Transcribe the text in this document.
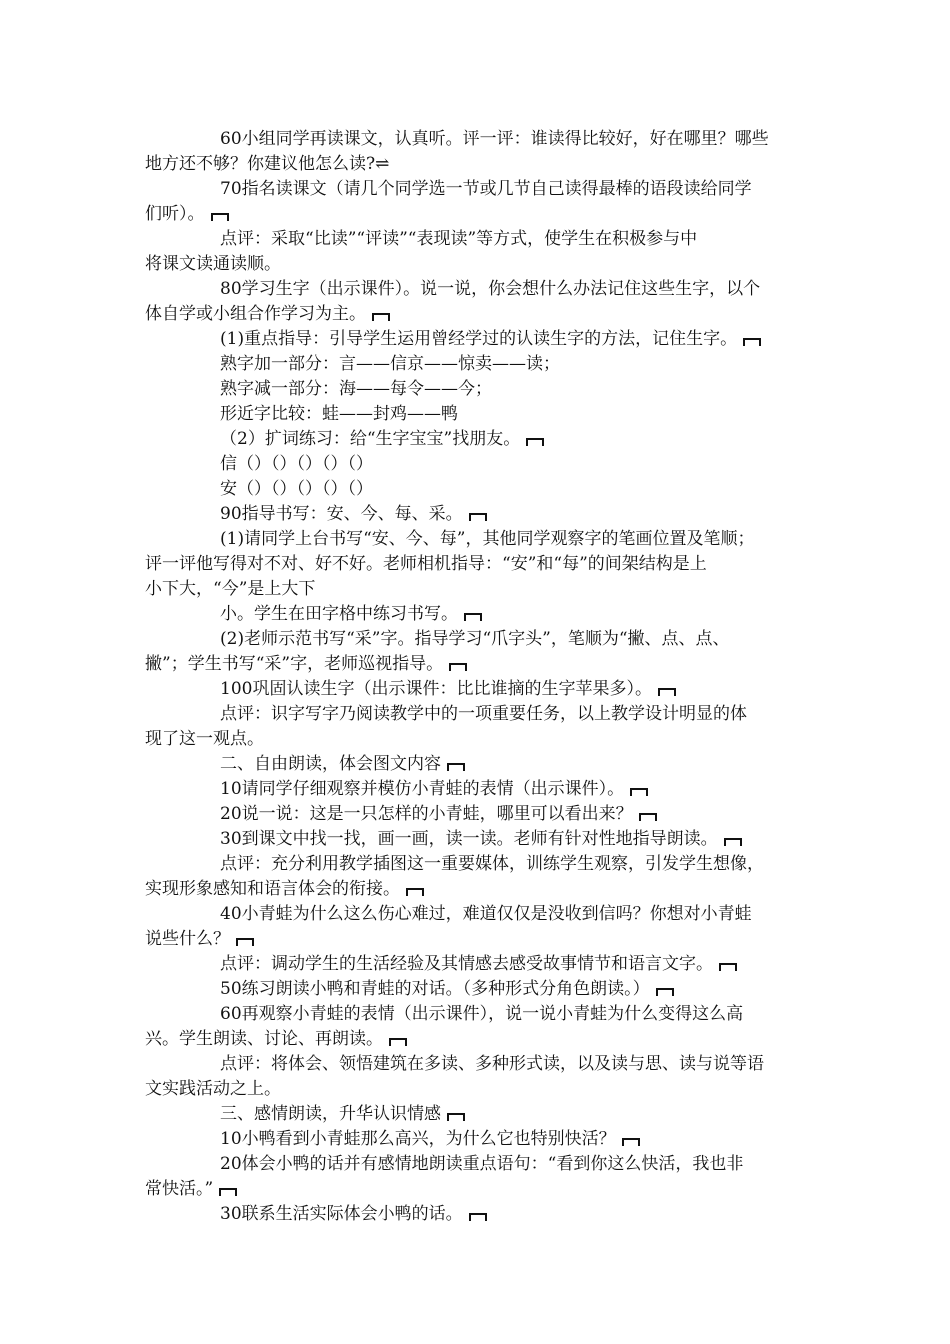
60小组同学再读课文，认真听。评一评：谁读得比较好，好在哪里？哪些
地方还不够？你建议他怎么读?⇌
70指名读课文（请几个同学选一节或几节自己读得最棒的语段读给同学
们听）。
点评：采取“比读”“评读”“表现读”等方式，使学生在积极参与中
将课文读通读顺。
80学习生字（出示课件）。说一说，你会想什么办法记住这些生字，以个
体自学或小组合作学习为主。
(1)重点指导：引导学生运用曾经学过的认读生字的方法，记住生字。
熟字加一部分：言——信京——惊卖——读；
熟字减一部分：海——每令——今；
形近字比较：蛙——封鸡——鸭
（2）扩词练习：给“生字宝宝”找朋友。
信（）（）（）（）（）
安（）（）（）（）（）
90指导书写：安、今、每、采。
(1)请同学上台书写“安、今、每”，其他同学观察字的笔画位置及笔顺；
评一评他写得对不对、好不好。老师相机指导：“安”和“每”的间架结构是上
小下大，“今”是上大下
小。学生在田字格中练习书写。
(2)老师示范书写“采”字。指导学习“爪字头”，笔顺为“撇、点、点、
撇”；学生书写“采”字，老师巡视指导。
100巩固认读生字（出示课件：比比谁摘的生字苹果多）。
点评：识字写字乃阅读教学中的一项重要任务，以上教学设计明显的体
现了这一观点。
二、自由朗读，体会图文内容
10请同学仔细观察并模仿小青蛙的表情（出示课件）。
20说一说：这是一只怎样的小青蛙，哪里可以看出来？
30到课文中找一找，画一画，读一读。老师有针对性地指导朗读。
点评：充分利用教学插图这一重要媒体，训练学生观察，引发学生想像，
实现形象感知和语言体会的衔接。
40小青蛙为什么这么伤心难过，难道仅仅是没收到信吗？你想对小青蛙
说些什么？
点评：调动学生的生活经验及其情感去感受故事情节和语言文字。
50练习朗读小鸭和青蛙的对话。（多种形式分角色朗读。）
60再观察小青蛙的表情（出示课件），说一说小青蛙为什么变得这么高
兴。学生朗读、讨论、再朗读。
点评：将体会、领悟建筑在多读、多种形式读，以及读与思、读与说等语
文实践活动之上。
三、感情朗读，升华认识情感
10小鸭看到小青蛙那么高兴，为什么它也特别快活？
20体会小鸭的话并有感情地朗读重点语句：“看到你这么快活，我也非
常快活。”
30联系生活实际体会小鸭的话。
